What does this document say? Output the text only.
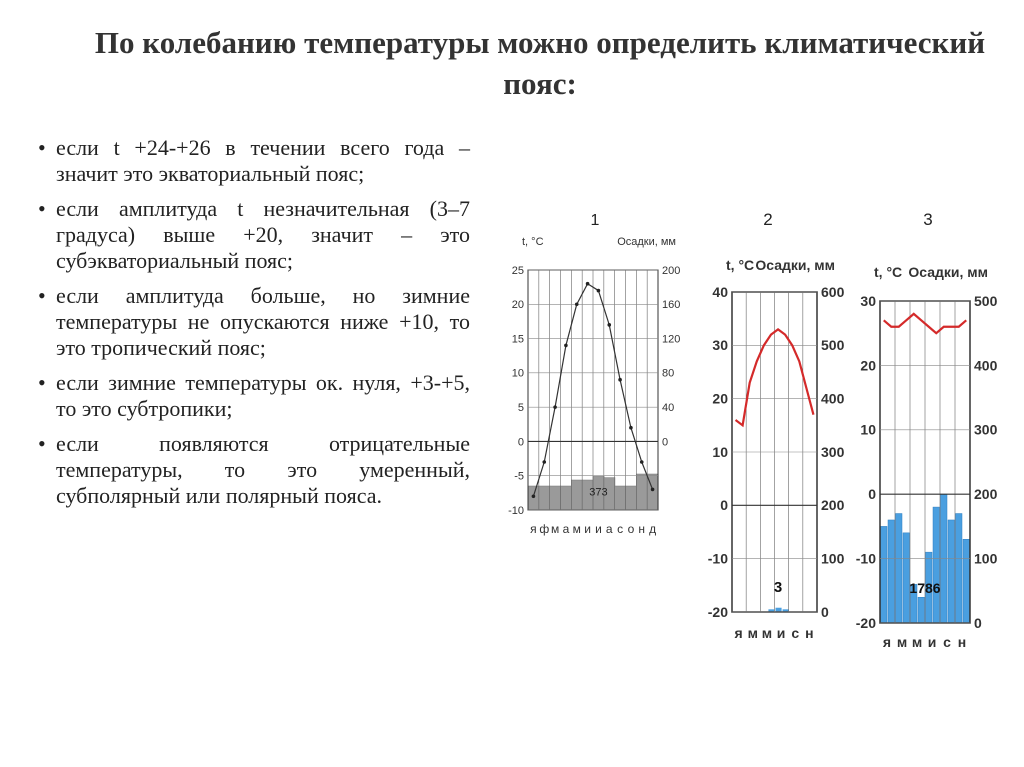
По колебанию температуры можно определить климатический пояс:
• если t +24-+26 в течении всего года – значит это экваториальный пояс;
• если амплитуда t незначительная (3–7 градуса) выше +20, значит – это субэкваториальный пояс;
• если амплитуда больше, но зимние температуры не опускаются ниже +10, то это тропический пояс;
• если зимние температуры ок. нуля, +3-+5, то это субтропики;
• если появляются отрицательные температуры, то это умеренный, субполярный или полярный пояса.
1
t, °C	Осадки, мм
25	200
20	160
15	120
10	80
5	40
0	0
-5
-10
373
я ф м а м и и а с о н д
2
t, °C Осадки, мм
40	600
30	500
20	400
10	300
0	200
-10	100
-20	0
3
я м м и с н
3
t, °C Осадки, мм
30	500
20	400
10	300
0	200
-10	100
-20	0
1786
я м м и с н
